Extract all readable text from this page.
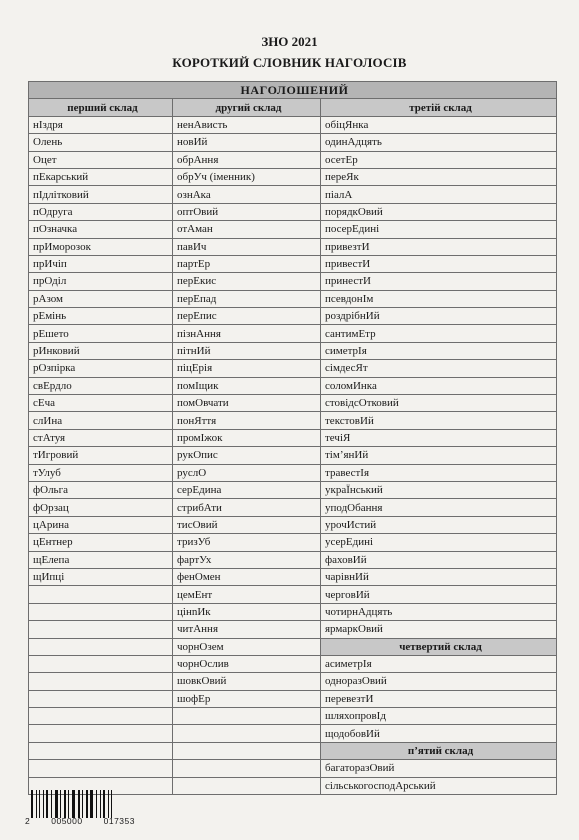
ЗНО 2021
КОРОТКИЙ СЛОВНИК НАГОЛОСІВ
НАГОЛОШЕНИЙ		
перший склад	другий склад	третій склад
нІздря	ненАвисть	обіцЯнка
Олень	новИй	одинАдцять
Оцет	обрАння	осетЕр
пЕкарський	обрУч (іменник)	переЯк
пІдлітковий	ознАка	піалА
пОдруга	оптОвий	порядкОвий
пОзначка	отАман	посерЕдині
прИморозок	павИч	привезтИ
прИчіп	партЕр	привестИ
прОділ	перЕкис	принестИ
рАзом	перЕпад	псевдонІм
рЕмінь	перЕпис	роздрібнИй
рЕшето	пізнАння	сантимЕтр
рИнковий	пітнИй	симетрІя
рОзпірка	піцЕрія	сімдесЯт
свЕрдло	помІщик	соломИнка
сЕча	помОвчати	стовідсОтковий
слИна	понЯття	текстовИй
стАтуя	промІжок	течіЯ
тИгровий	рукОпис	тім’янИй
тУлуб	руслО	травестІя
фОльга	серЕдина	украЇнський
фОрзац	стрибАти	уподОбання
цАрина	тисОвий	урочИстий
цЕнтнер	тризУб	усерЕдині
щЕлепа	фартУх	фаховИй
щИпці	фенОмен	чарівнИй
	цемЕнт	черговИй
	цінnИк	чотирнАдцять
	читАння	ярмаркОвий
	чорнОзем	четвертий склад
	чорнОслив	асиметрІя
	шовкОвий	одноразОвий
	шофЕр	перевезтИ
		шляхопровІд
		щодобовИй
		п’ятий склад
		багаторазОвий
		сільськогосподАрський
2 005000 017353
